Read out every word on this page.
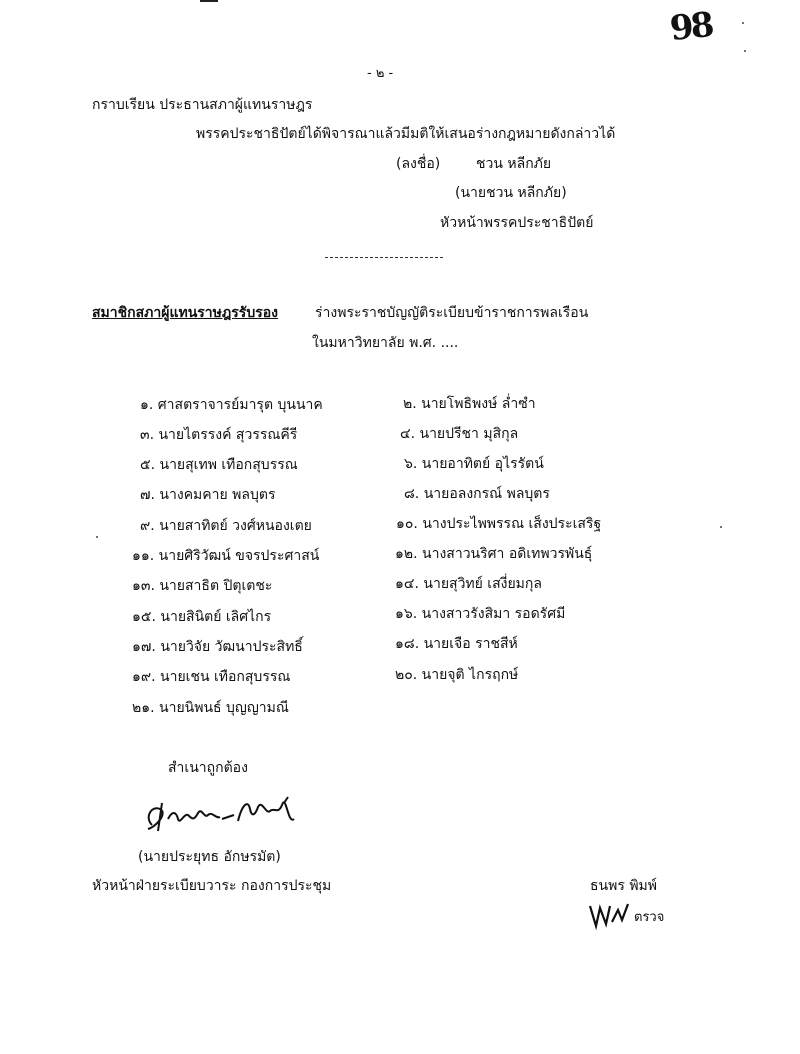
98
- ๒ -
กราบเรียน ประธานสภาผู้แทนราษฎร
พรรคประชาธิปัตย์ได้พิจารณาแล้วมีมติให้เสนอร่างกฎหมายดังกล่าวได้
(ลงชื่อ)	ชวน หลีกภัย
(นายชวน หลีกภัย)
หัวหน้าพรรคประชาธิปัตย์
สมาชิกสภาผู้แทนราษฎรรับรอง	ร่างพระราชบัญญัติระเบียบข้าราชการพลเรือน
ในมหาวิทยาลัย พ.ศ. ....
๑. ศาสตราจารย์มารุต บุนนาค	๒. นายโพธิพงษ์ ล่ำซำ
๓. นายไตรรงค์ สุวรรณคีรี	๔. นายปรีชา มุสิกุล
๕. นายสุเทพ เทือกสุบรรณ	๖. นายอาทิตย์ อุไรรัตน์
๗. นางคมคาย พลบุตร	๘. นายอลงกรณ์ พลบุตร
๙. นายสาทิตย์ วงศ์หนองเตย	๑๐. นางประไพพรรณ เส็งประเสริฐ
๑๑. นายศิริวัฒน์ ขจรประศาสน์	๑๒. นางสาวนริศา อดิเทพวรพันธุ์
๑๓. นายสาธิต ปิตุเตชะ	๑๔. นายสุวิทย์ เสงี่ยมกุล
๑๕. นายสินิตย์ เลิศไกร	๑๖. นางสาวรังสิมา รอดรัศมี
๑๗. นายวิจัย วัฒนาประสิทธิ์	๑๘. นายเจือ ราชสีห์
๑๙. นายเชน เทือกสุบรรณ	๒๐. นายจุติ ไกรฤกษ์
๒๑. นายนิพนธ์ บุญญามณี
สำเนาถูกต้อง
(นายประยุทธ อักษรมัต)
หัวหน้าฝ่ายระเบียบวาระ กองการประชุม	ธนพร พิมพ์
ตรวจ
